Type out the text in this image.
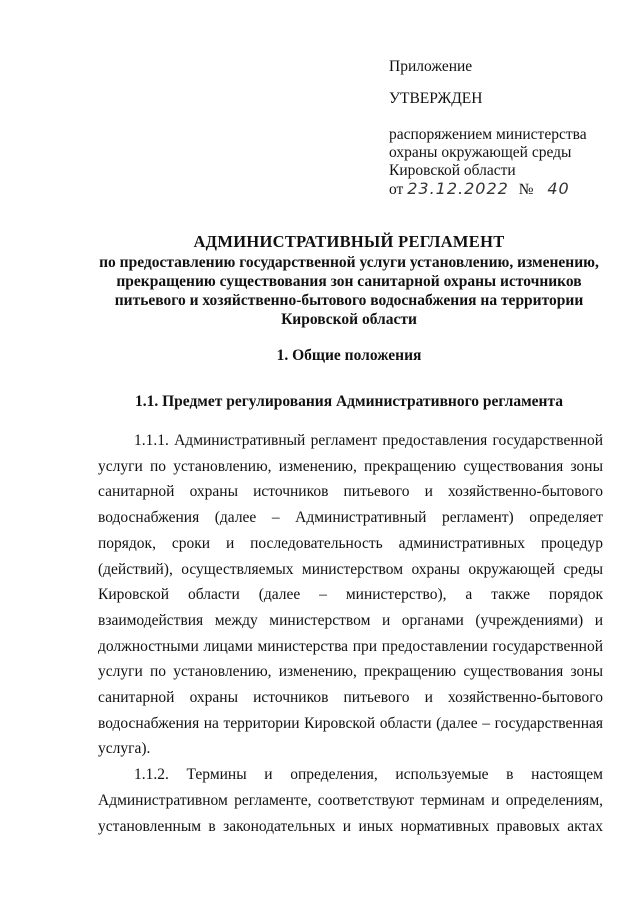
Приложение
УТВЕРЖДЕН
распоряжением министерства
охраны окружающей среды
Кировской области
от 23.12.2022 № 40
АДМИНИСТРАТИВНЫЙ РЕГЛАМЕНТ
по предоставлению государственной услуги установлению, изменению, прекращению существования зон санитарной охраны источников питьевого и хозяйственно-бытового водоснабжения на территории Кировской области
1. Общие положения
1.1. Предмет регулирования Административного регламента

1.1.1. Административный регламент предоставления государственной услуги по установлению, изменению, прекращению существования зоны санитарной охраны источников питьевого и хозяйственно-бытового водоснабжения (далее – Административный регламент) определяет порядок, сроки и последовательность административных процедур (действий), осуществляемых министерством охраны окружающей среды Кировской области (далее – министерство), а также порядок взаимодействия между министерством и органами (учреждениями) и должностными лицами министерства при предоставлении государственной услуги по установлению, изменению, прекращению существования зоны санитарной охраны источников питьевого и хозяйственно-бытового водоснабжения на территории Кировской области (далее – государственная услуга).

1.1.2. Термины и определения, используемые в настоящем Административном регламенте, соответствуют терминам и определениям, установленным в законодательных и иных нормативных правовых актах
